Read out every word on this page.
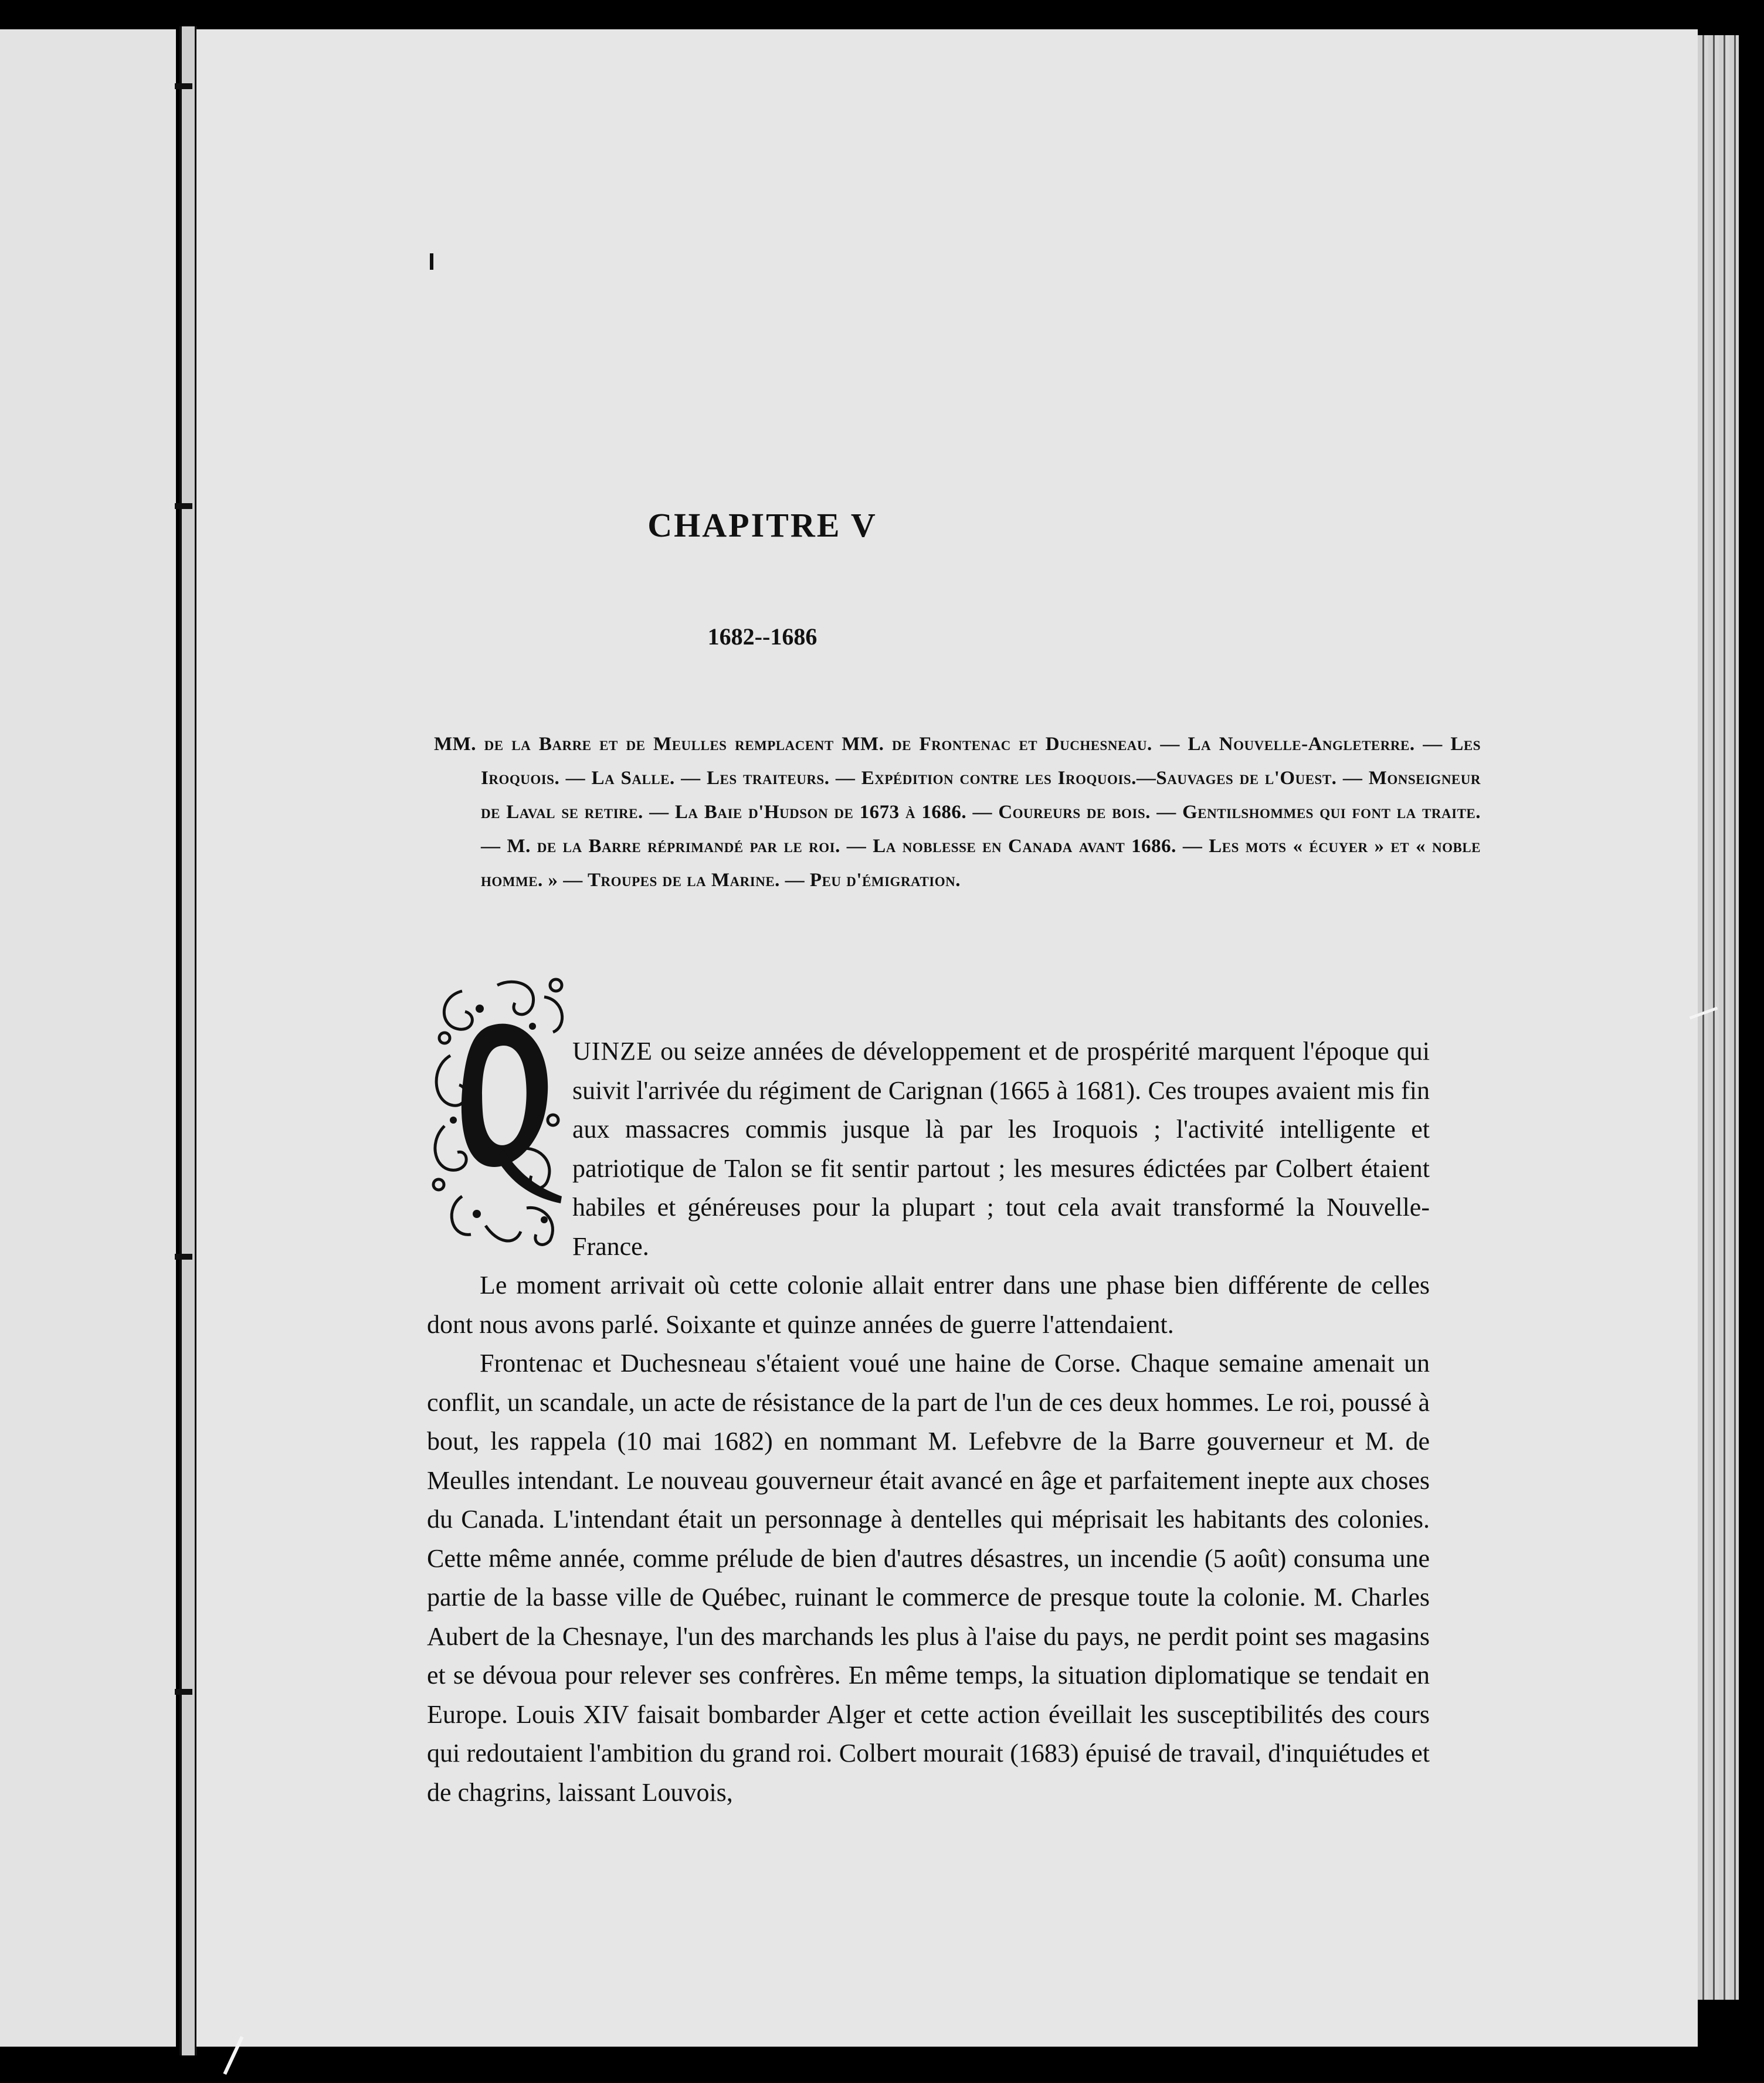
CHAPITRE V
1682--1686
MM. de la Barre et de Meulles remplacent MM. de Frontenac et Duchesneau. — La Nouvelle-Angleterre. — Les Iroquois. — La Salle. — Les traiteurs. — Expédition contre les Iroquois.—Sauvages de l'Ouest. — Monseigneur de Laval se retire. — La Baie d'Hudson de 1673 à 1686. — Coureurs de bois. — Gentilshommes qui font la traite. — M. de la Barre réprimandé par le roi. — La noblesse en Canada avant 1686. — Les mots « écuyer » et « noble homme. » — Troupes de la Marine. — Peu d'émigration.

UINZE ou seize années de développement et de prospérité marquent l'époque qui suivit l'arrivée du régiment de Carignan (1665 à 1681). Ces troupes avaient mis fin aux massacres commis jusque là par les Iroquois ; l'activité intelligente et patriotique de Talon se fit sentir partout ; les mesures édictées par Colbert étaient habiles et généreuses pour la plupart ; tout cela avait transformé la Nouvelle-France.

Le moment arrivait où cette colonie allait entrer dans une phase bien différente de celles dont nous avons parlé. Soixante et quinze années de guerre l'attendaient.

Frontenac et Duchesneau s'étaient voué une haine de Corse. Chaque semaine amenait un conflit, un scandale, un acte de résistance de la part de l'un de ces deux hommes. Le roi, poussé à bout, les rappela (10 mai 1682) en nommant M. Lefebvre de la Barre gouverneur et M. de Meulles intendant. Le nouveau gouverneur était avancé en âge et parfaitement inepte aux choses du Canada. L'intendant était un personnage à dentelles qui méprisait les habitants des colonies. Cette même année, comme prélude de bien d'autres désastres, un incendie (5 août) consuma une partie de la basse ville de Québec, ruinant le commerce de presque toute la colonie. M. Charles Aubert de la Chesnaye, l'un des marchands les plus à l'aise du pays, ne perdit point ses magasins et se dévoua pour relever ses confrères. En même temps, la situation diplomatique se tendait en Europe. Louis XIV faisait bombarder Alger et cette action éveillait les susceptibilités des cours qui redoutaient l'ambition du grand roi. Colbert mourait (1683) épuisé de travail, d'inquiétudes et de chagrins, laissant Louvois,
